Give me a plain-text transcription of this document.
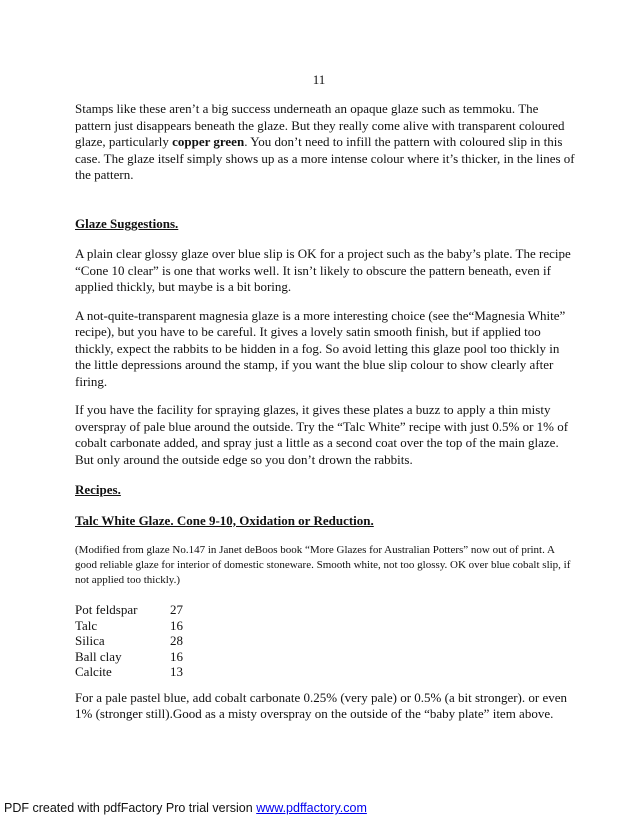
11

Stamps like these aren’t a big success underneath an opaque glaze such as temmoku. The pattern just disappears beneath the glaze. But they really come alive with transparent coloured glaze, particularly copper green. You don’t need to infill the pattern with coloured slip in this case. The glaze itself simply shows up as a more intense colour where it’s thicker, in the lines of the pattern.

Glaze Suggestions.

A plain clear glossy glaze over blue slip is OK for a project such as the baby’s plate. The recipe “Cone 10 clear” is one that works well. It isn’t likely to obscure the pattern beneath, even if applied thickly, but maybe is a bit boring.

A not-quite-transparent magnesia glaze is a more interesting choice (see the“Magnesia White” recipe), but you have to be careful. It gives a lovely satin smooth finish, but if applied too thickly, expect the rabbits to be hidden in a fog. So avoid letting this glaze pool too thickly in the little depressions around the stamp, if you want the blue slip colour to show clearly after firing.

If you have the facility for spraying glazes, it gives these plates a buzz to apply a thin misty overspray of pale blue around the outside. Try the “Talc White” recipe with just 0.5% or 1% of cobalt carbonate added, and spray just a little as a second coat over the top of the main glaze. But only around the outside edge so you don’t drown the rabbits.

Recipes.

Talc White Glaze. Cone 9-10, Oxidation or Reduction.

(Modified from glaze No.147 in Janet deBoos book “More Glazes for Australian Potters” now out of print. A good reliable glaze for interior of domestic stoneware. Smooth white, not too glossy. OK over blue cobalt slip, if not applied too thickly.)

Pot feldspar	27
Talc	16
Silica	28
Ball clay	16
Calcite	13

For a pale pastel blue, add cobalt carbonate 0.25% (very pale) or 0.5% (a bit stronger). or even 1% (stronger still).Good as a misty overspray on the outside of the “baby plate” item above.

PDF created with pdfFactory Pro trial version www.pdffactory.com
